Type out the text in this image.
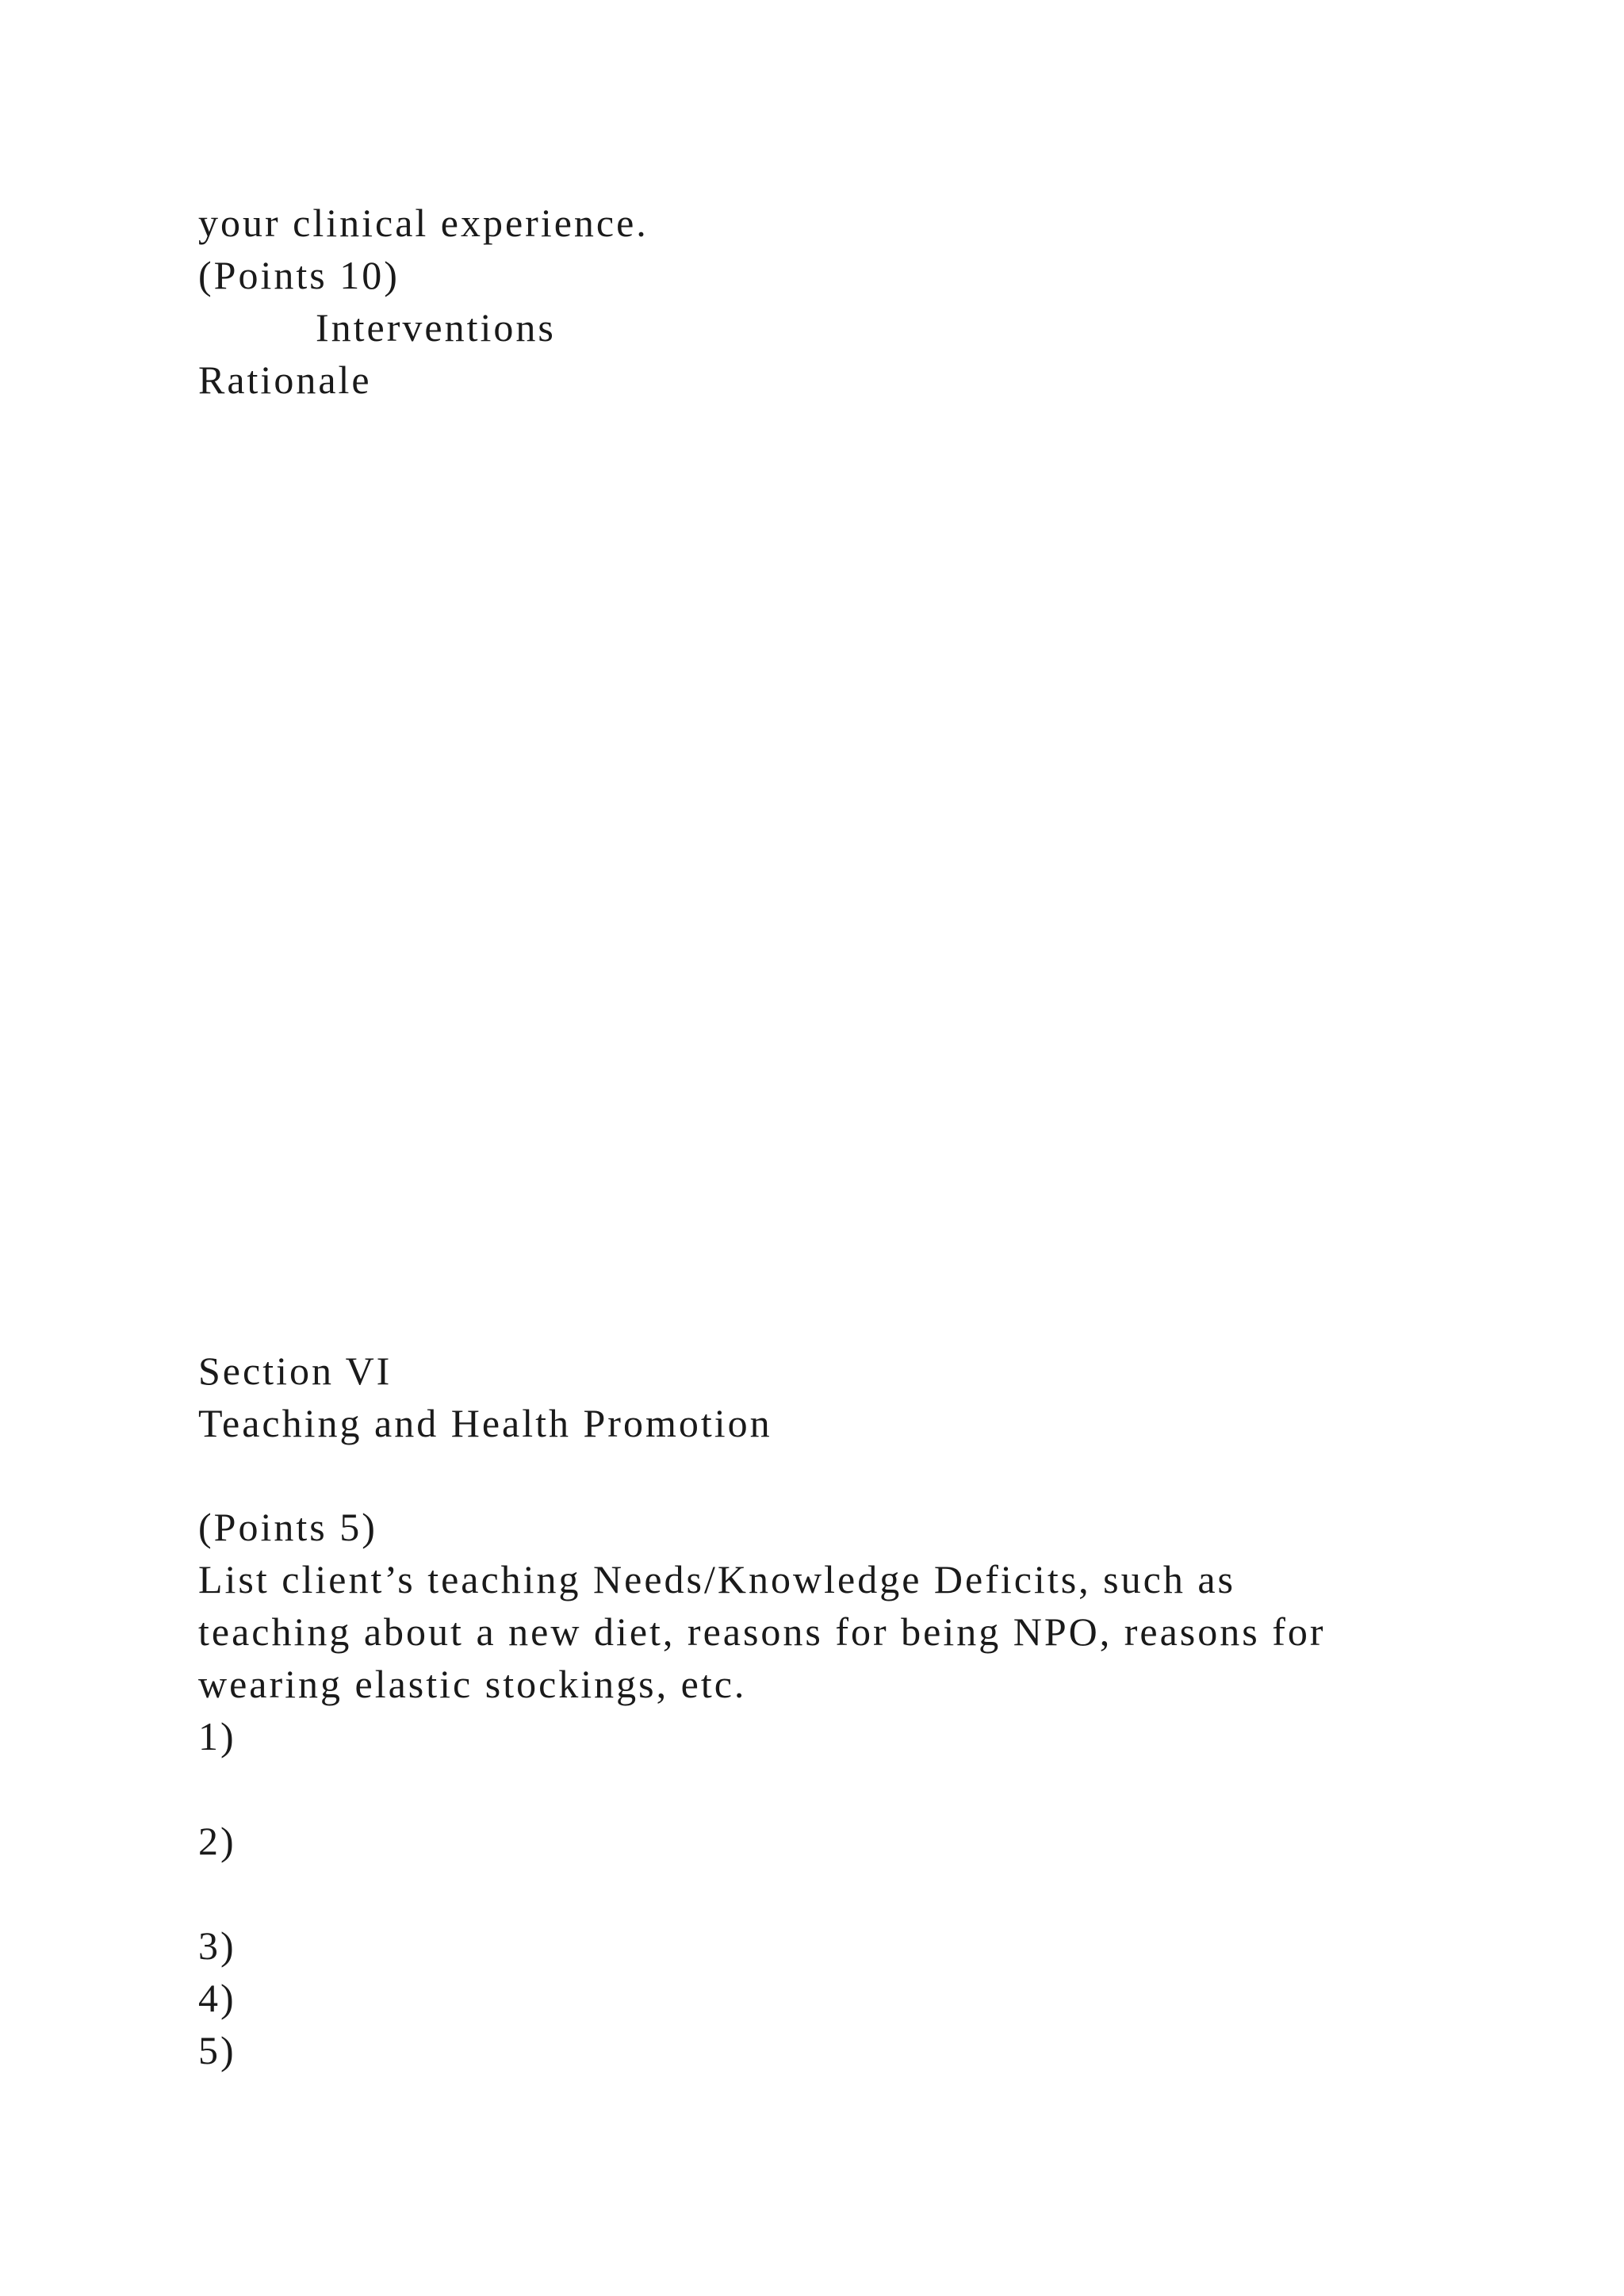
your clinical experience.
(Points 10)
Interventions
Rationale
Section VI
Teaching and Health Promotion
(Points 5)
List client’s teaching Needs/Knowledge Deficits, such as
teaching about a new diet, reasons for being NPO, reasons for
wearing elastic stockings, etc.
1)
2)
3)
4)
5)
